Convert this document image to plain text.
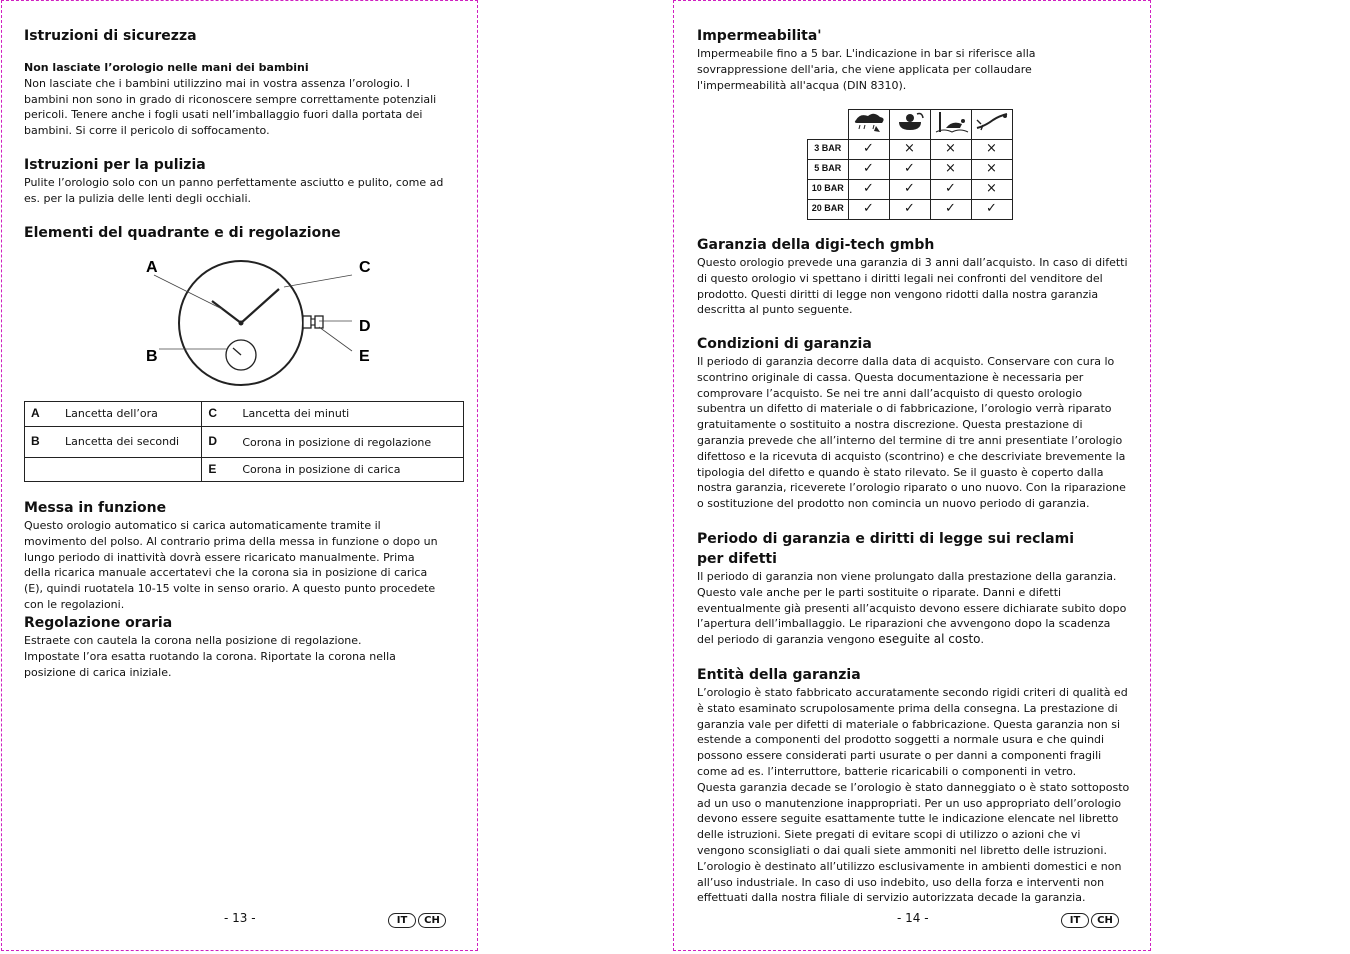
Istruzioni di sicurezza
Non lasciate l’orologio nelle mani dei bambini

Non lasciate che i bambini utilizzino mai in vostra assenza l’orologio. I bambini non sono in grado di riconoscere sempre correttamente potenziali pericoli. Tenere anche i fogli usati nell’imballaggio fuori dalla portata dei bambini. Si corre il pericolo di soffocamento.

Istruzioni per la pulizia

Pulite l’orologio solo con un panno perfettamente asciutto e pulito, come ad es. per la pulizia delle lenti degli occhiali.

Elementi del quadrante e di regolazione
A
B
C
D
E
A	Lancetta dell’ora	C	Lancetta dei minuti
B	Lancetta dei secondi	D	Corona in posizione di regolazione
		E	Corona in posizione di carica
Messa in funzione

Questo orologio automatico si carica automaticamente tramite il movimento del polso. Al contrario prima della messa in funzione o dopo un lungo periodo di inattività dovrà essere ricaricato manualmente. Prima della ricarica manuale accertatevi che la corona sia in posizione di carica (E), quindi ruotatela 10-15 volte in senso orario. A questo punto procedete con le regolazioni.

Regolazione oraria

Estraete con cautela la corona nella posizione di regolazione.

Impostate l’ora esatta ruotando la corona. Riportate la corona nella posizione di carica iniziale.

- 13 -	IT	CH
Impermeabilita'

Impermeabile fino a 5 bar. L'indicazione in bar si riferisce alla sovrappressione dell'aria, che viene applicata per collaudare l'impermeabilità all'acqua (DIN 8310).

3 BAR	✓	×	×	×
5 BAR	✓	✓	×	×
10 BAR	✓	✓	✓	×
20 BAR	✓	✓	✓	✓
Garanzia della digi-tech gmbh

Questo orologio prevede una garanzia di 3 anni dall’acquisto. In caso di difetti di questo orologio vi spettano i diritti legali nei confronti del venditore del prodotto. Questi diritti di legge non vengono ridotti dalla nostra garanzia descritta al punto seguente.

Condizioni di garanzia

Il periodo di garanzia decorre dalla data di acquisto. Conservare con cura lo scontrino originale di cassa. Questa documentazione è necessaria per comprovare l’acquisto. Se nei tre anni dall’acquisto di questo orologio subentra un difetto di materiale o di fabbricazione, l’orologio verrà riparato gratuitamente o sostituito a nostra discrezione. Questa prestazione di garanzia prevede che all’interno del termine di tre anni presentiate l’orologio difettoso e la ricevuta di acquisto (scontrino) e che descriviate brevemente la tipologia del difetto e quando è stato rilevato. Se il guasto è coperto dalla nostra garanzia, riceverete l’orologio riparato o uno nuovo. Con la riparazione o sostituzione del prodotto non comincia un nuovo periodo di garanzia.

Periodo di garanzia e diritti di legge sui reclami per difetti

Il periodo di garanzia non viene prolungato dalla prestazione della garanzia. Questo vale anche per le parti sostituite o riparate. Danni e difetti eventualmente già presenti all’acquisto devono essere dichiarate subito dopo l’apertura dell’imballaggio. Le riparazioni che avvengono dopo la scadenza del periodo di garanzia vengono eseguite al costo.

Entità della garanzia

L’orologio è stato fabbricato accuratamente secondo rigidi criteri di qualità ed è stato esaminato scrupolosamente prima della consegna. La prestazione di garanzia vale per difetti di materiale o fabbricazione. Questa garanzia non si estende a componenti del prodotto soggetti a normale usura e che quindi possono essere considerati parti usurate o per danni a componenti fragili come ad es. l’interruttore, batterie ricaricabili o componenti in vetro.

Questa garanzia decade se l’orologio è stato danneggiato o è stato sottoposto ad un uso o manutenzione inappropriati. Per un uso appropriato dell’orologio devono essere seguite esattamente tutte le indicazione elencate nel libretto delle istruzioni. Siete pregati di evitare scopi di utilizzo o azioni che vi vengono sconsigliati o dai quali siete ammoniti nel libretto delle istruzioni.

L’orologio è destinato all’utilizzo esclusivamente in ambienti domestici e non all’uso industriale. In caso di uso indebito, uso della forza e interventi non effettuati dalla nostra filiale di servizio autorizzata decade la garanzia.

- 14 -	IT	CH
